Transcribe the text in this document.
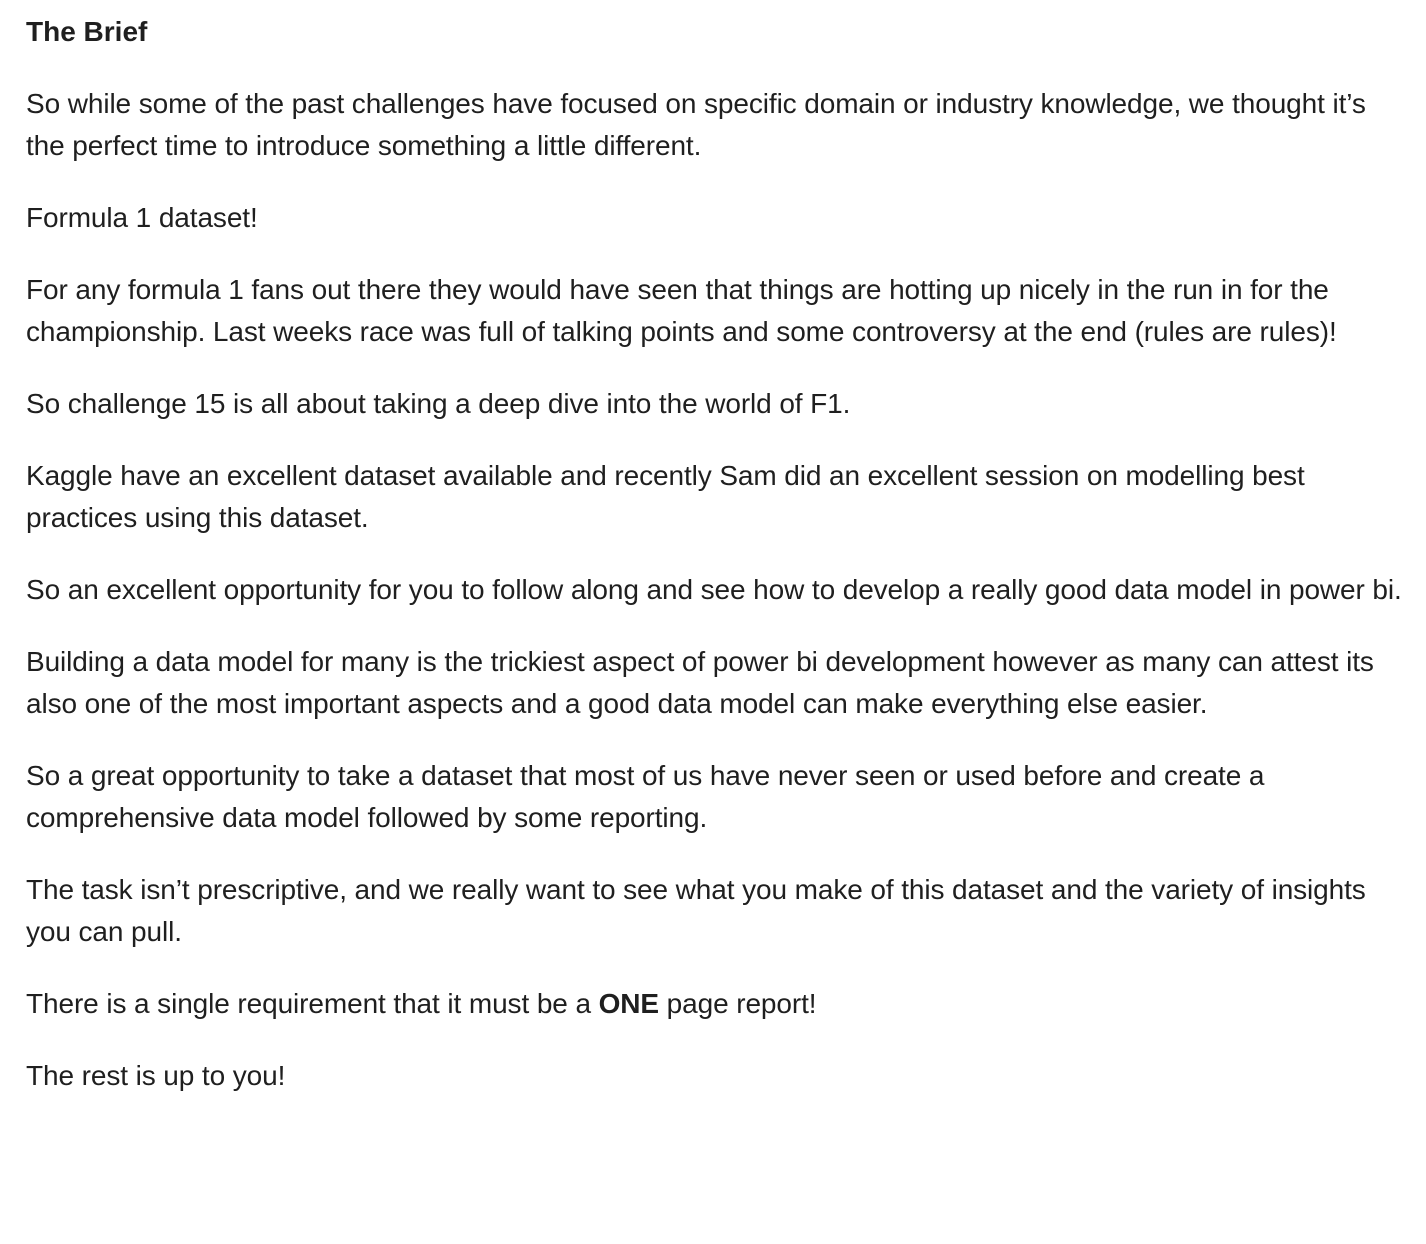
The Brief

So while some of the past challenges have focused on specific domain or industry knowledge, we thought it’s the perfect time to introduce something a little different.

Formula 1 dataset!

For any formula 1 fans out there they would have seen that things are hotting up nicely in the run in for the championship. Last weeks race was full of talking points and some controversy at the end (rules are rules)!

So challenge 15 is all about taking a deep dive into the world of F1.

Kaggle have an excellent dataset available and recently Sam did an excellent session on modelling best practices using this dataset.

So an excellent opportunity for you to follow along and see how to develop a really good data model in power bi.

Building a data model for many is the trickiest aspect of power bi development however as many can attest its also one of the most important aspects and a good data model can make everything else easier.

So a great opportunity to take a dataset that most of us have never seen or used before and create a comprehensive data model followed by some reporting.

The task isn’t prescriptive, and we really want to see what you make of this dataset and the variety of insights you can pull.

There is a single requirement that it must be a ONE page report!

The rest is up to you!
